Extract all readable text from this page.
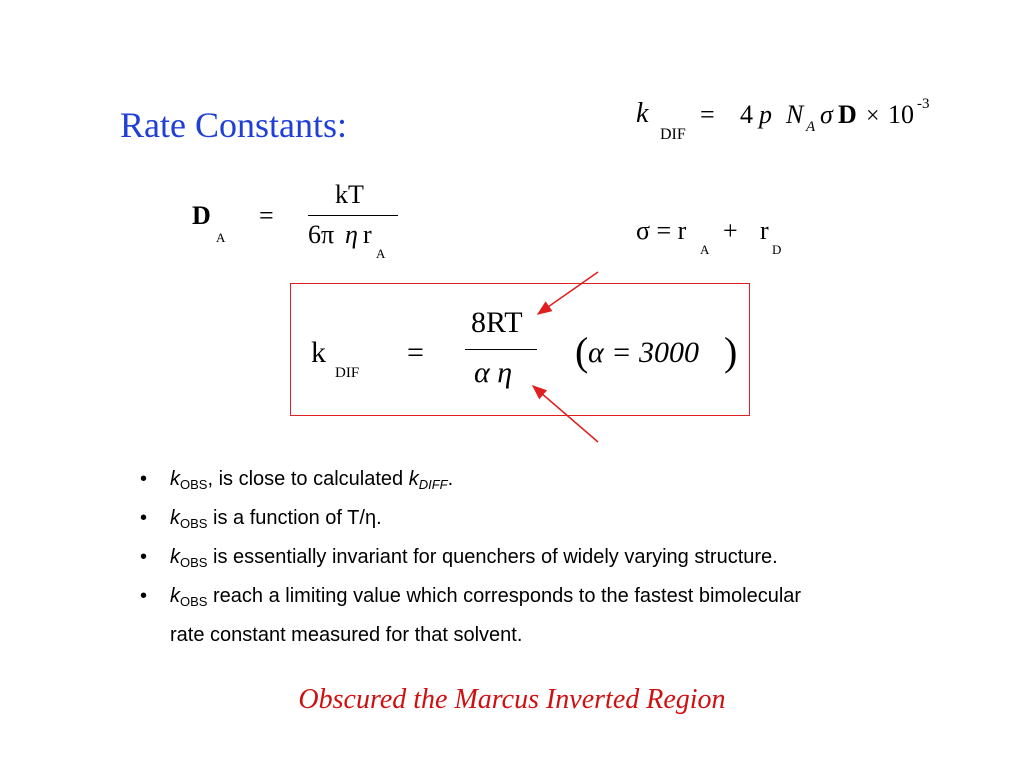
Rate Constants:	k
DIF
= 4 p N A σ D × 10 -3
D
A
=
kT
6π η r
A
σ = r
A
+ r
D
k
DIF
=
8RT
α η ( α = 3000 )
• $k_{OBS}$, is close to calculated $k_{DIFF}$.
• $k_{OBS}$ is a function of T/η.
• $k_{OBS}$ is essentially invariant for quenchers of widely varying structure.
• $k_{OBS}$ reach a limiting value which corresponds to the fastest bimolecular
rate constant measured for that solvent.
Obscured the Marcus Inverted Region
